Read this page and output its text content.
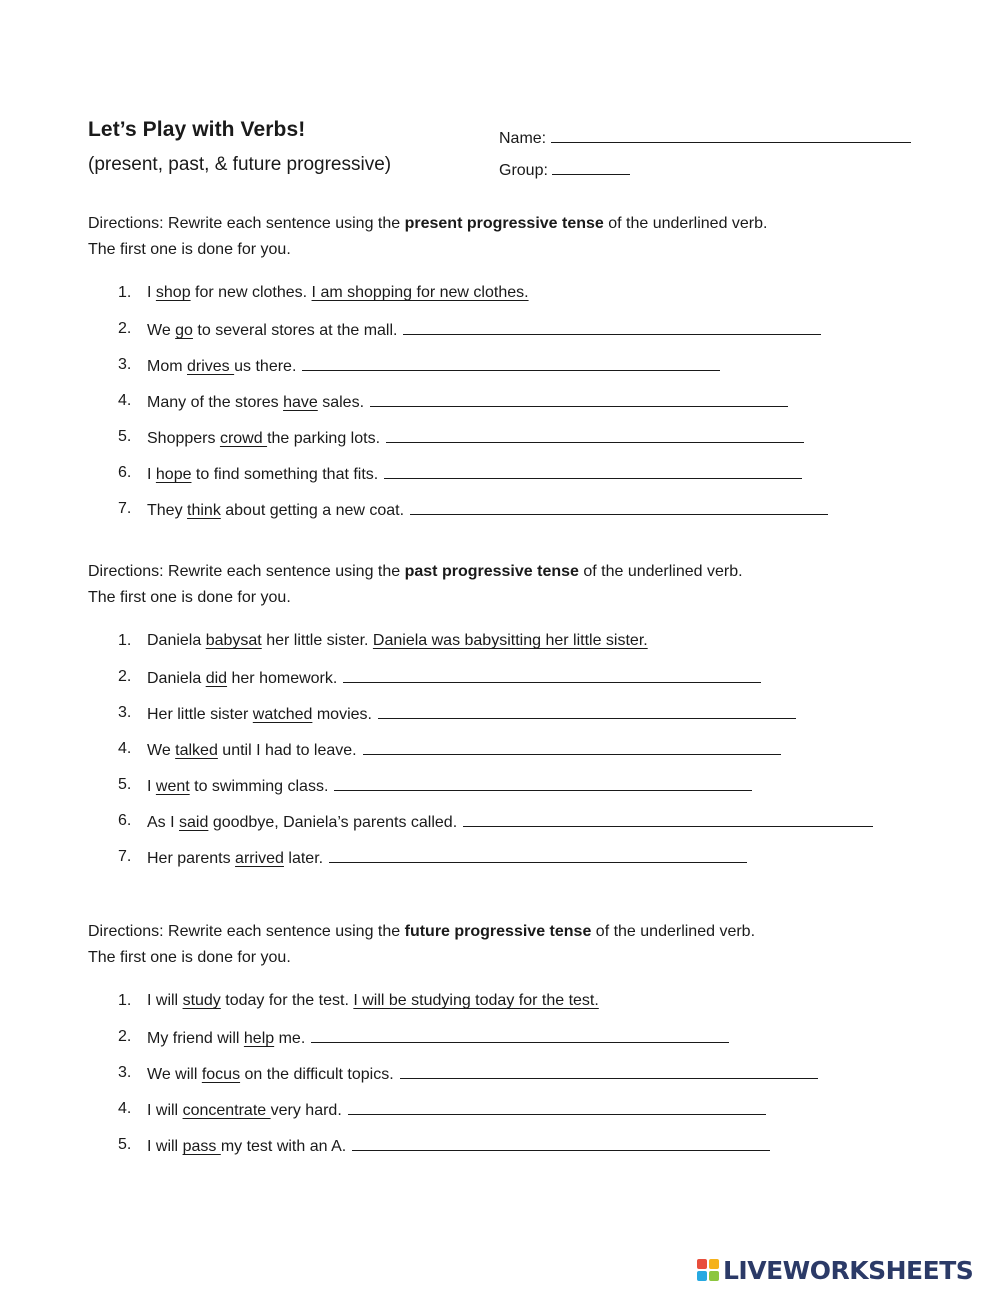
Let’s Play with Verbs!
(present, past, & future progressive)
Name:
Group:
Directions: Rewrite each sentence using the present progressive tense of the underlined verb.
The first one is done for you.
1. I shop for new clothes. I am shopping for new clothes.
2. We go to several stores at the mall.
3. Mom drives us there.
4. Many of the stores have sales.
5. Shoppers crowd the parking lots.
6. I hope to find something that fits.
7. They think about getting a new coat.
Directions: Rewrite each sentence using the past progressive tense of the underlined verb.
The first one is done for you.
1. Daniela babysat her little sister. Daniela was babysitting her little sister.
2. Daniela did her homework.
3. Her little sister watched movies.
4. We talked until I had to leave.
5. I went to swimming class.
6. As I said goodbye, Daniela’s parents called.
7. Her parents arrived later.
Directions: Rewrite each sentence using the future progressive tense of the underlined verb.
The first one is done for you.
1. I will study today for the test. I will be studying today for the test.
2. My friend will help me.
3. We will focus on the difficult topics.
4. I will concentrate very hard.
5. I will pass my test with an A.
LIVEWORKSHEETS
